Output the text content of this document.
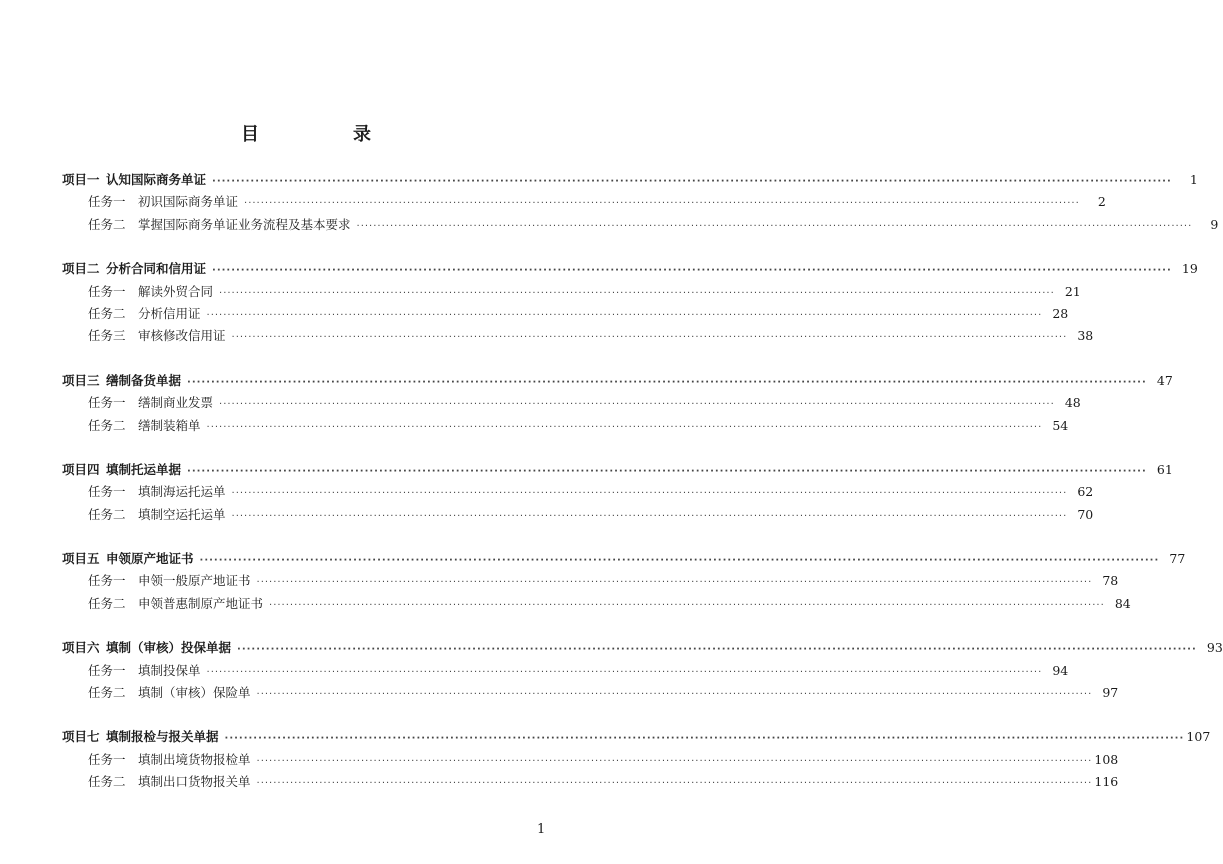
目　录
项目一 认知国际商务单证 ········································································································································································································	1
任务一 初识国际商务单证 ········································································································································································································	2
任务二 掌握国际商务单证业务流程及基本要求 ········································································································································································································	9
项目二 分析合同和信用证 ········································································································································································································ 19
任务一 解读外贸合同 ········································································································································································································ 21
任务二 分析信用证 ········································································································································································································ 28
任务三 审核修改信用证 ········································································································································································································ 38
项目三 缮制备货单据 ········································································································································································································ 47
任务一 缮制商业发票 ········································································································································································································ 48
任务二 缮制装箱单 ········································································································································································································ 54
项目四 填制托运单据 ········································································································································································································ 61
任务一 填制海运托运单 ········································································································································································································ 62
任务二 填制空运托运单 ········································································································································································································ 70
项目五 申领原产地证书 ········································································································································································································ 77
任务一 申领一般原产地证书 ········································································································································································································ 78
任务二 申领普惠制原产地证书 ········································································································································································································ 84
项目六 填制（审核）投保单据 ········································································································································································································ 93
任务一 填制投保单 ········································································································································································································ 94
任务二 填制（审核）保险单 ········································································································································································································ 97
项目七 填制报检与报关单据 ········································································································································································································ 107
任务一 填制出境货物报检单 ········································································································································································································ 108
任务二 填制出口货物报关单 ········································································································································································································ 116
1
